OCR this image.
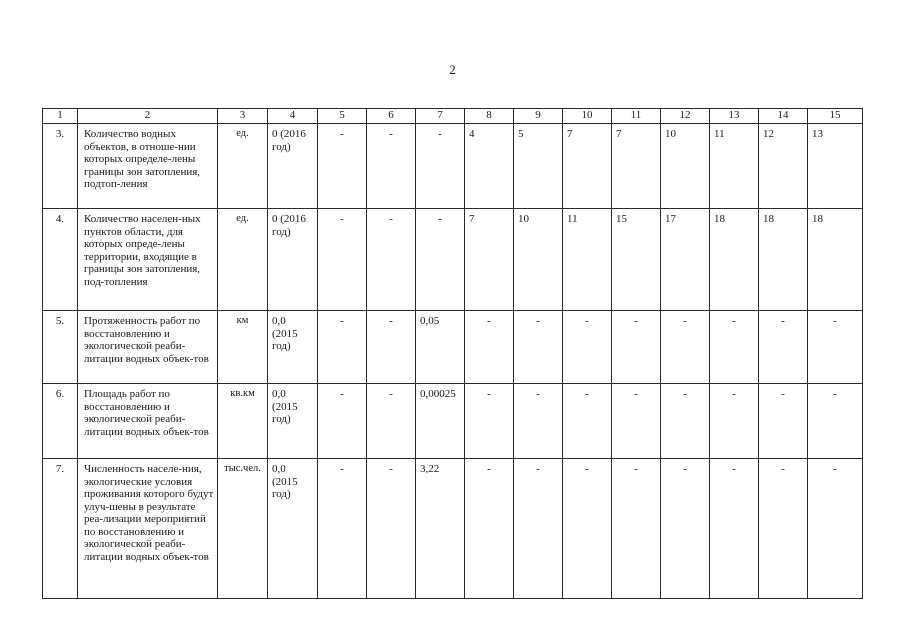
2
1	2	3	4	5	6	7	8	9	10	11	12	13	14	15
3.	Количество водных объектов, в отноше-нии которых определе-лены границы зон затопления, подтоп-ления	ед.	0 (2016 год)	-	-	-	4	5	7	7	10	11	12	13
4.	Количество населен-ных пунктов области, для которых опреде-лены территории, входящие в границы зон затопления, под-топления	ед.	0 (2016 год)	-	-	-	7	10	11	15	17	18	18	18
5.	Протяженность работ по восстановлению и экологической реаби-литации водных объек-тов	км	0,0 (2015 год)	-	-	0,05	-	-	-	-	-	-	-	-
6.	Площадь работ по восстановлению и экологической реаби-литации водных объек-тов	кв.км	0,0 (2015 год)	-	-	0,00025	-	-	-	-	-	-	-	-
7.	Численность населе-ния, экологические условия проживания которого будут улуч-шены в результате реа-лизации мероприятий по восстановлению и экологической реаби-литации водных объек-тов	тыс.чел.	0,0 (2015 год)	-	-	3,22	-	-	-	-	-	-	-	-
